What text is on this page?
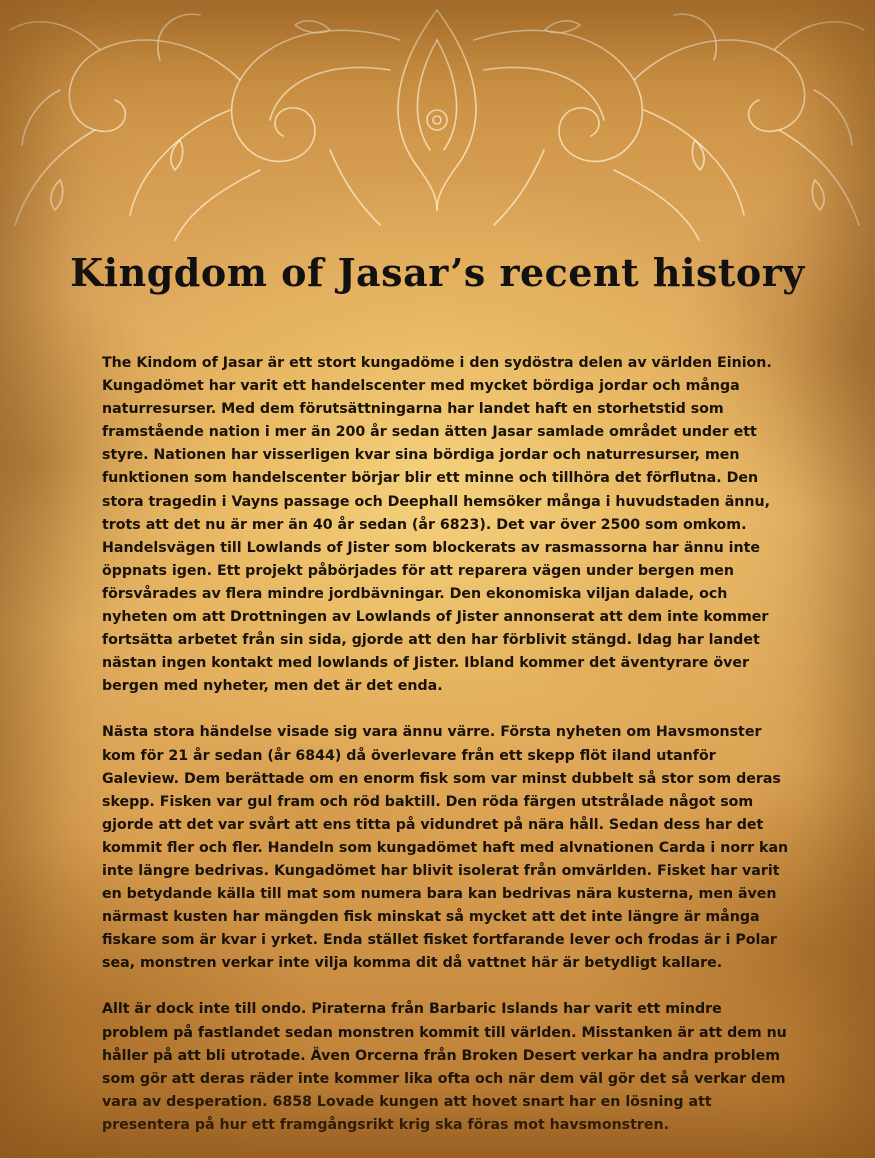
Kingdom of Jasar’s recent history

The Kindom of Jasar är ett stort kungadöme i den sydöstra delen av världen Einion. Kungadömet har varit ett handelscenter med mycket bördiga jordar och många naturresurser. Med dem förutsättningarna har landet haft en storhetstid som framstående nation i mer än 200 år sedan ätten Jasar samlade området under ett styre. Nationen har visserligen kvar sina bördiga jordar och naturresurser, men funktionen som handelscenter börjar blir ett minne och tillhöra det förflutna. Den stora tragedin i Vayns passage och Deephall hemsöker många i huvudstaden ännu, trots att det nu är mer än 40 år sedan (år 6823). Det var över 2500 som omkom. Handelsvägen till Lowlands of Jister som blockerats av rasmassorna har ännu inte öppnats igen. Ett projekt påbörjades för att reparera vägen under bergen men försvårades av flera mindre jordbävningar. Den ekonomiska viljan dalade, och nyheten om att Drottningen av Lowlands of Jister annonserat att dem inte kommer fortsätta arbetet från sin sida, gjorde att den har förblivit stängd. Idag har landet nästan ingen kontakt med lowlands of Jister. Ibland kommer det äventyrare över bergen med nyheter, men det är det enda.

Nästa stora händelse visade sig vara ännu värre. Första nyheten om Havsmonster kom för 21 år sedan (år 6844) då överlevare från ett skepp flöt iland utanför Galeview. Dem berättade om en enorm fisk som var minst dubbelt så stor som deras skepp. Fisken var gul fram och röd baktill. Den röda färgen utstrålade något som gjorde att det var svårt att ens titta på vidundret på nära håll. Sedan dess har det kommit fler och fler. Handeln som kungadömet haft med alvnationen Carda i norr kan inte längre bedrivas. Kungadömet har blivit isolerat från omvärlden. Fisket har varit en betydande källa till mat som numera bara kan bedrivas nära kusterna, men även närmast kusten har mängden fisk minskat så mycket att det inte längre är många fiskare som är kvar i yrket. Enda stället fisket fortfarande lever och frodas är i Polar sea, monstren verkar inte vilja komma dit då vattnet här är betydligt kallare.

Allt är dock inte till ondo. Piraterna från Barbaric Islands har varit ett mindre problem på fastlandet sedan monstren kommit till världen. Misstanken är att dem nu håller på att bli utrotade. Även Orcerna från Broken Desert verkar ha andra problem som gör att deras räder inte kommer lika ofta och när dem väl gör det så verkar dem vara av desperation. 6858 Lovade kungen att hovet snart har en lösning att presentera på hur ett framgångsrikt krig ska föras mot havsmonstren.
